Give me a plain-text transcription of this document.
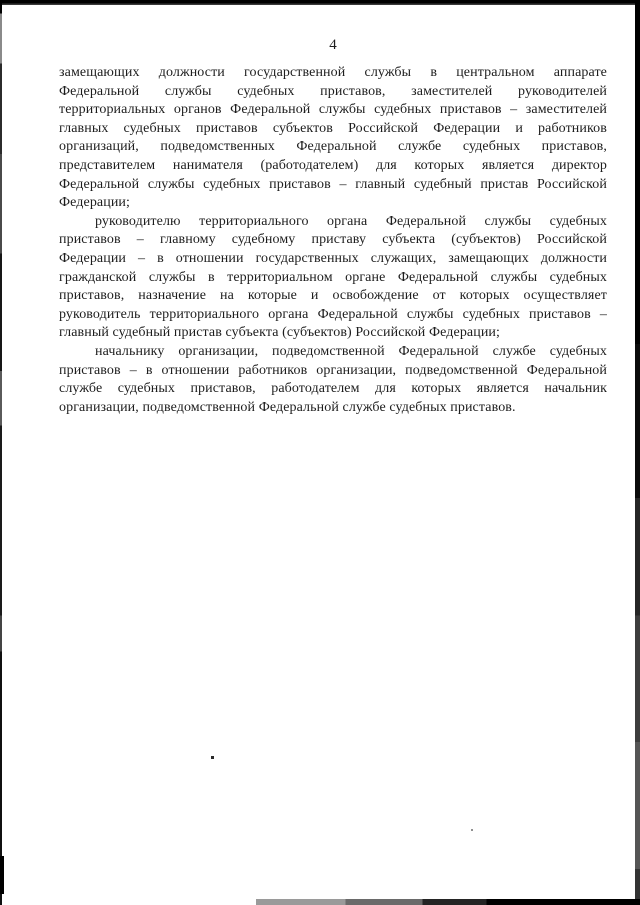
4

замещающих должности государственной службы в центральном аппарате
Федеральной службы судебных приставов, заместителей руководителей
территориальных органов Федеральной службы судебных приставов – заместителей
главных судебных приставов субъектов Российской Федерации и работников
организаций, подведомственных Федеральной службе судебных приставов,
представителем нанимателя (работодателем) для которых является директор
Федеральной службы судебных приставов – главный судебный пристав Российской
Федерации;

руководителю территориального органа Федеральной службы судебных
приставов – главному судебному приставу субъекта (субъектов) Российской
Федерации – в отношении государственных служащих, замещающих должности
гражданской службы в территориальном органе Федеральной службы судебных
приставов, назначение на которые и освобождение от которых осуществляет
руководитель территориального органа Федеральной службы судебных приставов –
главный судебный пристав субъекта (субъектов) Российской Федерации;

начальнику организации, подведомственной Федеральной службе судебных
приставов – в отношении работников организации, подведомственной Федеральной
службе судебных приставов, работодателем для которых является начальник
организации, подведомственной Федеральной службе судебных приставов.
